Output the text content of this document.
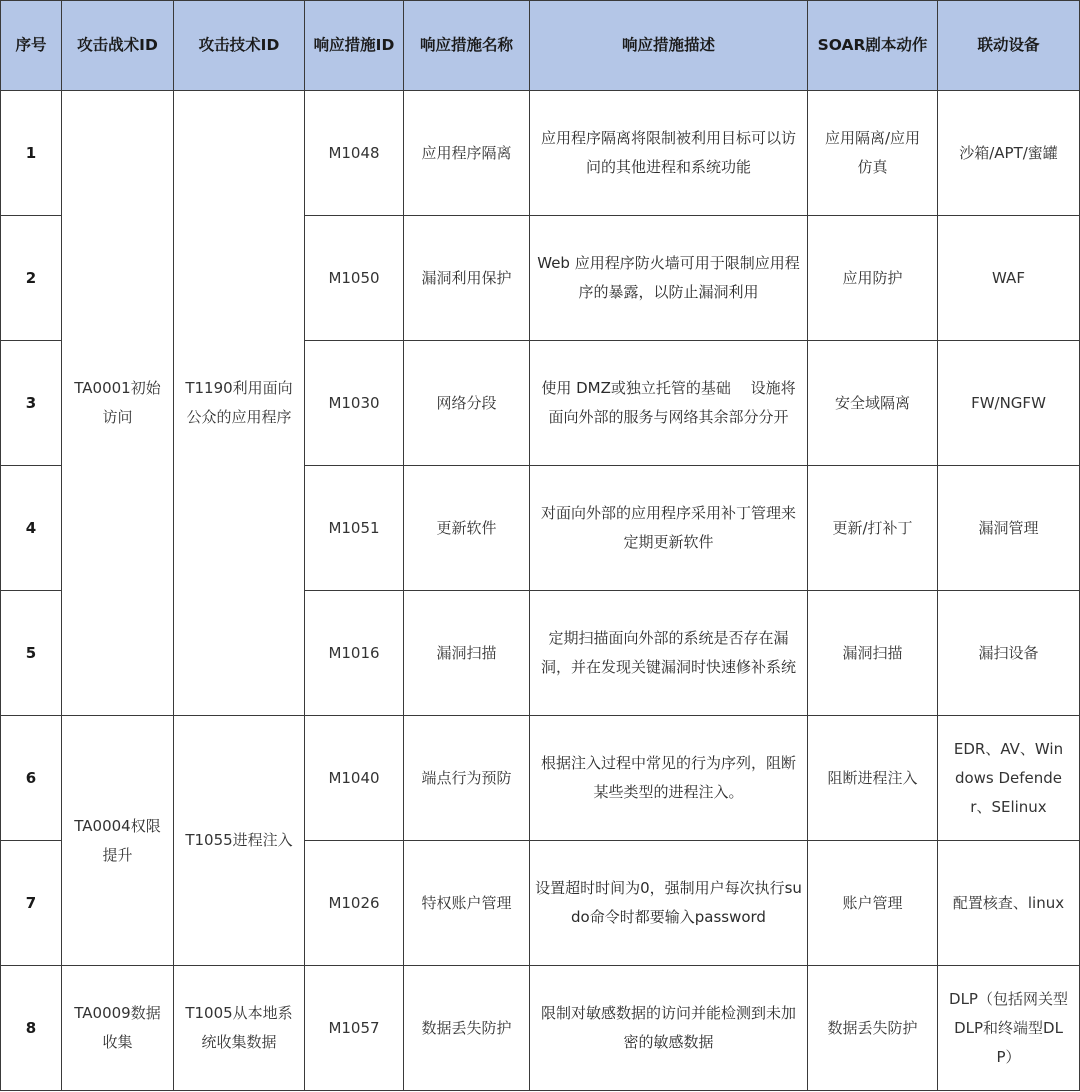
序号	攻击战术ID	攻击技术ID	响应措施ID	响应措施名称	响应措施描述	SOAR剧本动作	联动设备
1	TA0001初始访问	T1190利用面向公众的应用程序	M1048	应用程序隔离	应用程序隔离将限制被利用目标可以访问的其他进程和系统功能	应用隔离/应用仿真	沙箱/APT/蜜罐
2			M1050	漏洞利用保护	Web 应用程序防火墙可用于限制应用程序的暴露，以防止漏洞利用	应用防护	WAF
3			M1030	网络分段	使用 DMZ或独立托管的基础　 设施将面向外部的服务与网络其余部分分开	安全域隔离	FW/NGFW
4			M1051	更新软件	对面向外部的应用程序采用补丁管理来定期更新软件	更新/打补丁	漏洞管理
5			M1016	漏洞扫描	定期扫描面向外部的系统是否存在漏洞，并在发现关键漏洞时快速修补系统	漏洞扫描	漏扫设备
6	TA0004权限提升	T1055进程注入	M1040	端点行为预防	根据注入过程中常见的行为序列，阻断某些类型的进程注入。	阻断进程注入	EDR、AV、Windows Defender、SElinux
7			M1026	特权账户管理	设置超时时间为0，强制用户每次执行sudo命令时都要输入password	账户管理	配置核查、linux
8	TA0009数据收集	T1005从本地系统收集数据	M1057	数据丢失防护	限制对敏感数据的访问并能检测到未加密的敏感数据	数据丢失防护	DLP（包括网关型DLP和终端型DLP）
